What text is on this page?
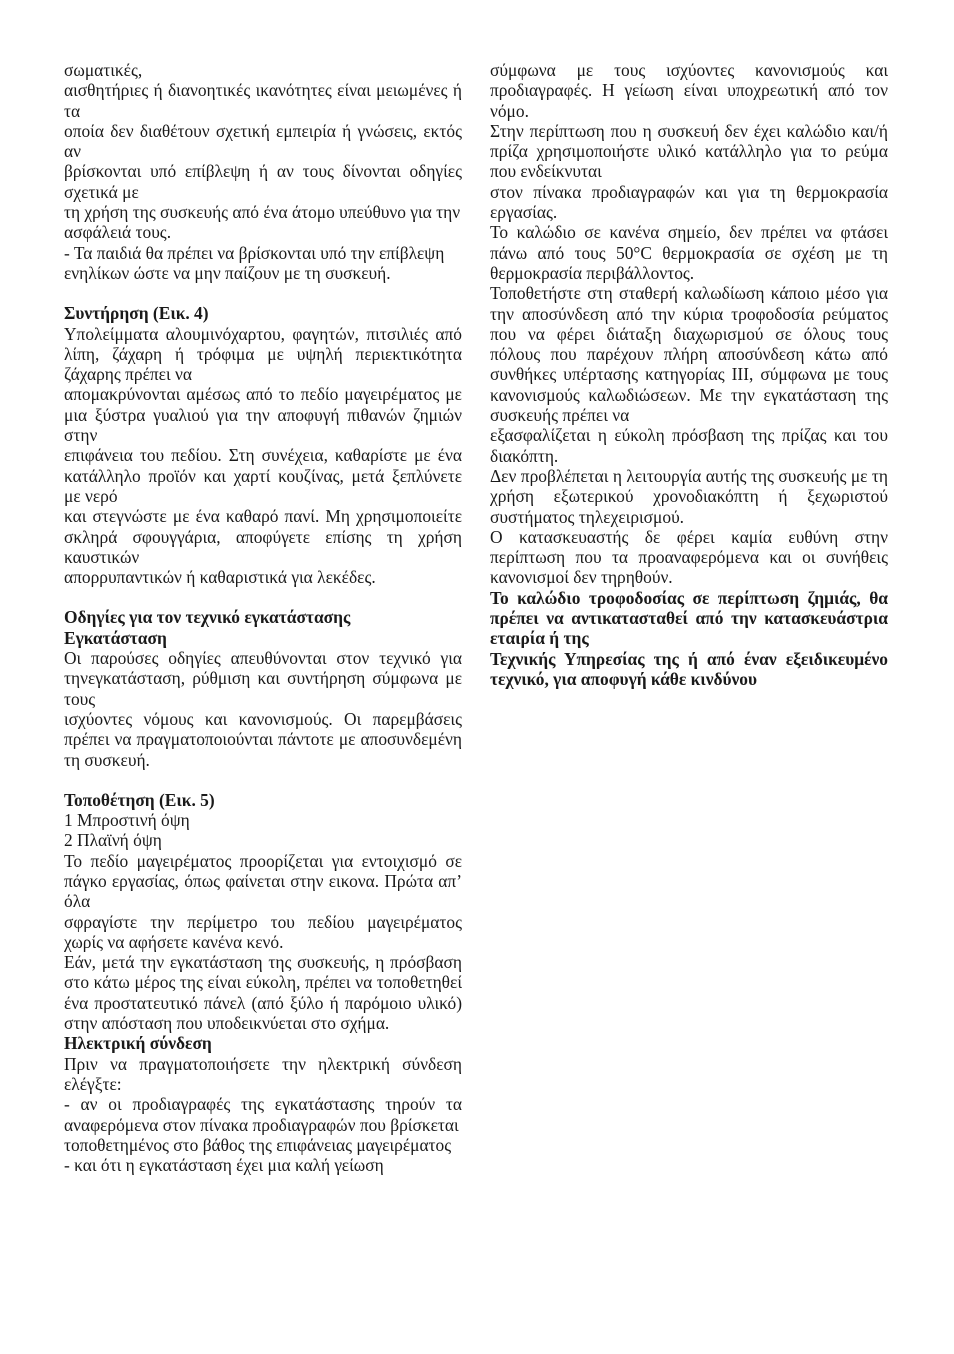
σωματικές,

αισθητήριες ή διανοητικές ικανότητες είναι μειωμένες ή τα

οποία δεν διαθέτουν σχετική εμπειρία ή γνώσεις, εκτός αν

βρίσκονται υπό επίβλεψη ή αν τους δίνονται οδηγίες σχετικά με

τη χρήση της συσκευής από ένα άτομο υπεύθυνο για την

ασφάλειά τους.

- Τα παιδιά θα πρέπει να βρίσκονται υπό την επίβλεψη

ενηλίκων ώστε να μην παίζουν με τη συσκευή.

Συντήρηση (Εικ. 4)

Υπολείμματα αλουμινόχαρτου, φαγητών, πιτσιλιές από λίπη, ζάχαρη ή τρόφιμα με υψηλή περιεκτικότητα ζάχαρης πρέπει να

απομακρύνονται αμέσως από το πεδίο μαγειρέματος με μια ξύστρα γυαλιού για την αποφυγή πιθανών ζημιών στην

επιφάνεια του πεδίου. Στη συνέχεια, καθαρίστε με ένα κατάλληλο προϊόν και χαρτί κουζίνας, μετά ξεπλύνετε με νερό

και στεγνώστε με ένα καθαρό πανί. Μη χρησιμοποιείτε σκληρά σφουγγάρια, αποφύγετε επίσης τη χρήση καυστικών

απορρυπαντικών ή καθαριστικά για λεκέδες.

Οδηγίες για τον τεχνικό εγκατάστασης
Εγκατάσταση

Οι παρούσες οδηγίες απευθύνονται στον τεχνικό για τηνεγκατάσταση, ρύθμιση και συντήρηση σύμφωνα με τους

ισχύοντες νόμους και κανονισμούς. Οι παρεμβάσεις πρέπει να πραγματοποιούνται πάντοτε με αποσυνδεμένη τη συσκευή.

Τοποθέτηση (Εικ. 5)

1 Μπροστινή όψη

2 Πλαϊνή όψη

Το πεδίο μαγειρέματος προορίζεται για εντοιχισμό σε πάγκο εργασίας, όπως φαίνεται στην εικονα. Πρώτα απ’ όλα

σφραγίστε την περίμετρο του πεδίου μαγειρέματος χωρίς να αφήσετε κανένα κενό.

Εάν, μετά την εγκατάσταση της συσκευής, η πρόσβαση στο κάτω μέρος της είναι εύκολη, πρέπει να τοποθετηθεί ένα προστατευτικό πάνελ (από ξύλο ή παρόμοιο υλικό) στην απόσταση που υποδεικνύεται στο σχήμα.

Ηλεκτρική σύνδεση

Πριν να πραγματοποιήσετε την ηλεκτρική σύνδεση ελέγξτε:

- αν οι προδιαγραφές της εγκατάστασης τηρούν τα αναφερόμενα στον πίνακα προδιαγραφών που βρίσκεται

τοποθετημένος στο βάθος της επιφάνειας μαγειρέματος

- και ότι η εγκατάσταση έχει μια καλή γείωση

σύμφωνα με τους ισχύοντες κανονισμούς και προδιαγραφές. Η γείωση είναι υποχρεωτική από τον νόμο.

Στην περίπτωση που η συσκευή δεν έχει καλώδιο και/ή πρίζα χρησιμοποιήστε υλικό κατάλληλο για το ρεύμα που ενδείκνυται

στον πίνακα προδιαγραφών και για τη θερμοκρασία εργασίας.

Το καλώδιο σε κανένα σημείο, δεν πρέπει να φτάσει πάνω από τους 50°C θερμοκρασία σε σχέση με τη θερμοκρασία περιβάλλοντος.

Τοποθετήστε στη σταθερή καλωδίωση κάποιο μέσο για την αποσύνδεση από την κύρια τροφοδοσία ρεύματος που να φέρει διάταξη διαχωρισμού σε όλους τους πόλους που παρέχουν πλήρη αποσύνδεση κάτω από συνθήκες υπέρτασης κατηγορίας III, σύμφωνα με τους κανονισμούς καλωδιώσεων. Με την εγκατάσταση της συσκευής πρέπει να

εξασφαλίζεται η εύκολη πρόσβαση της πρίζας και του διακόπτη.

Δεν προβλέπεται η λειτουργία αυτής της συσκευής με τη χρήση εξωτερικού χρονοδιακόπτη ή ξεχωριστού συστήματος τηλεχειρισμού.

Ο κατασκευαστής δε φέρει καμία ευθύνη στην περίπτωση που τα προαναφερόμενα και οι συνήθεις κανονισμοί δεν τηρηθούν.

Το καλώδιο τροφοδοσίας σε περίπτωση ζημιάς, θα πρέπει να αντικατασταθεί από την κατασκευάστρια εταιρία ή της

Τεχνικής Υπηρεσίας της ή από έναν εξειδικευμένο τεχνικό, για αποφυγή κάθε κινδύνου
